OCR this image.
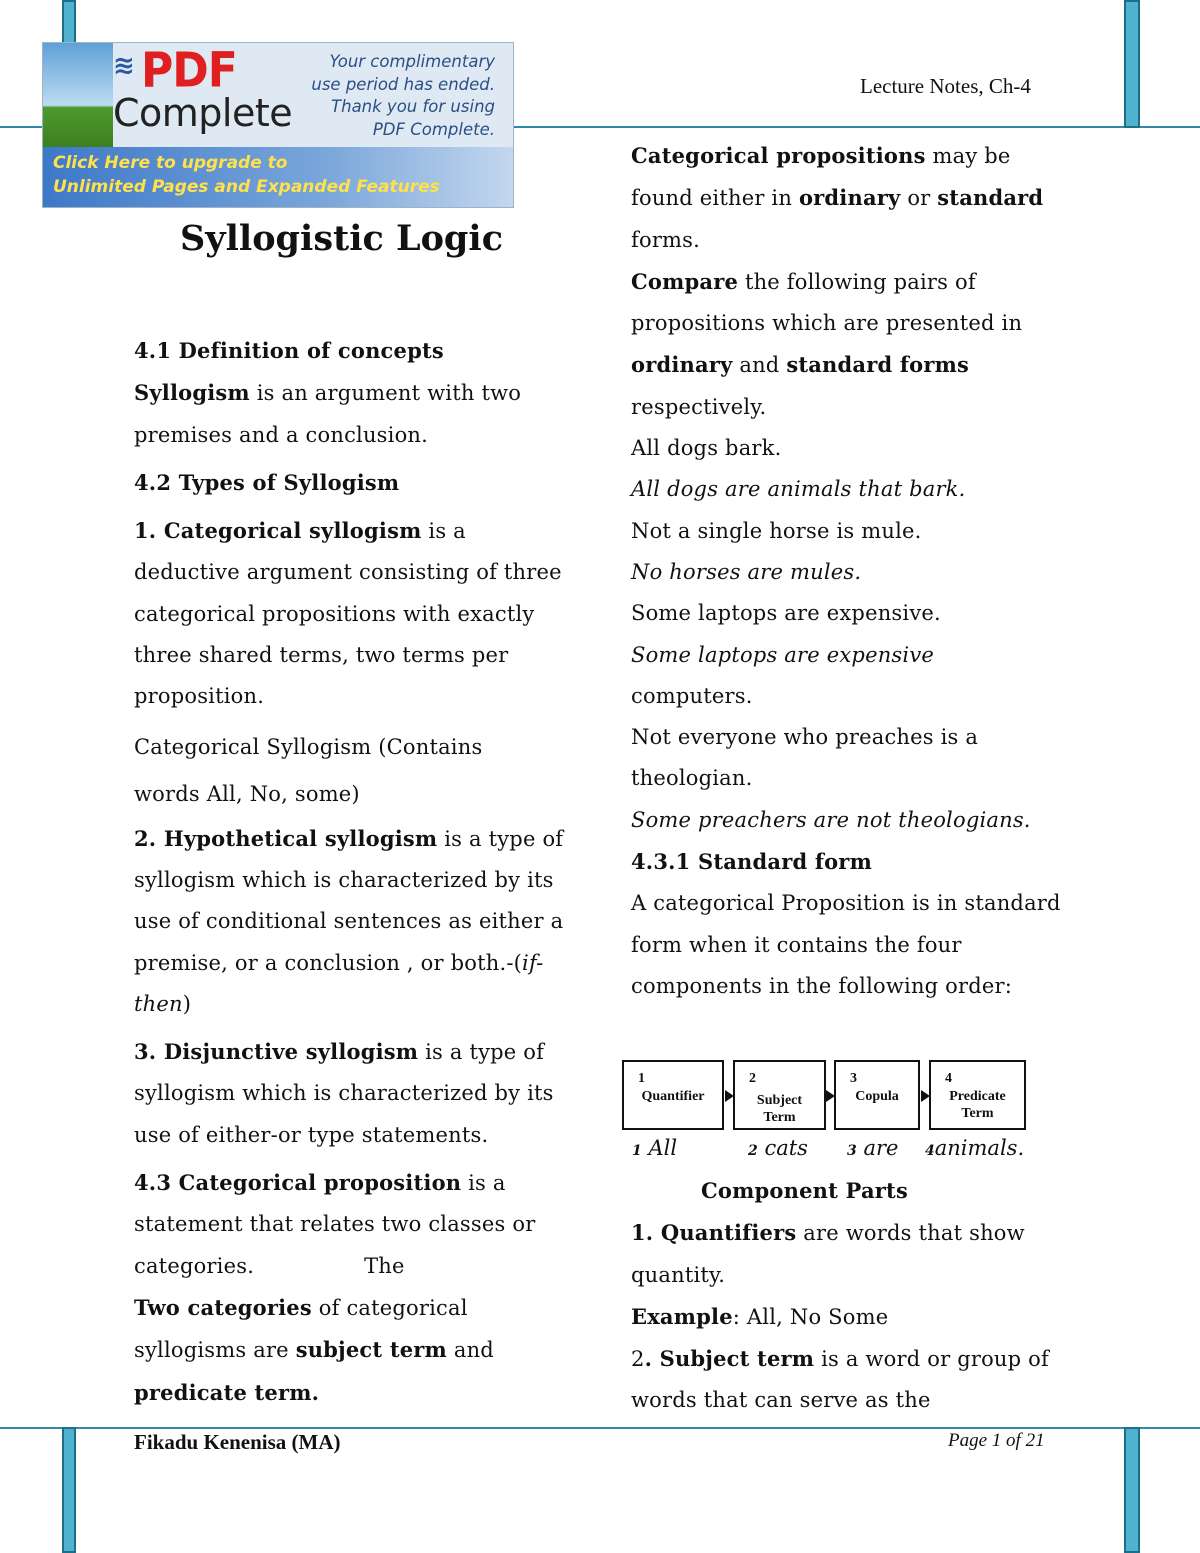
≋ PDF
Complete
Your complimentary
use period has ended.
Thank you for using
PDF Complete.
Click Here to upgrade to
Unlimited Pages and Expanded Features
Lecture Notes, Ch-4
Syllogistic Logic

4.1 Definition of concepts

Syllogism is an argument with two premises and a conclusion.

4.2 Types of Syllogism

1. Categorical syllogism is a deductive argument consisting of three categorical propositions with exactly three shared terms, two terms per proposition.

Categorical Syllogism (Contains words All, No, some)

2. Hypothetical syllogism is a type of syllogism which is characterized by its use of conditional sentences as either a premise, or a conclusion , or both.-(if-then)

3. Disjunctive syllogism is a type of syllogism which is characterized by its use of either-or type statements.

4.3 Categorical proposition is a statement that relates two classes or categories.	The

Two categories of categorical syllogisms are subject term and predicate term.

Categorical propositions may be found either in ordinary or standard forms.

Compare the following pairs of propositions which are presented in ordinary and standard forms respectively.

All dogs bark.

All dogs are animals that bark.

Not a single horse is mule.

No horses are mules.

Some laptops are expensive.

Some laptops are expensive computers.

Not everyone who preaches is a theologian.

Some preachers are not theologians.

4.3.1 Standard form

A categorical Proposition is in standard form when it contains the four components in the following order:

1
Quantifier
2
Subject Term
3
Copula
4
Predicate Term
1 All	2 cats	3 are 4animals.

Component Parts

1. Quantifiers are words that show quantity.

Example: All, No Some

2. Subject term is a word or group of words that can serve as the

Fikadu Kenenisa (MA)	Page 1 of 21
